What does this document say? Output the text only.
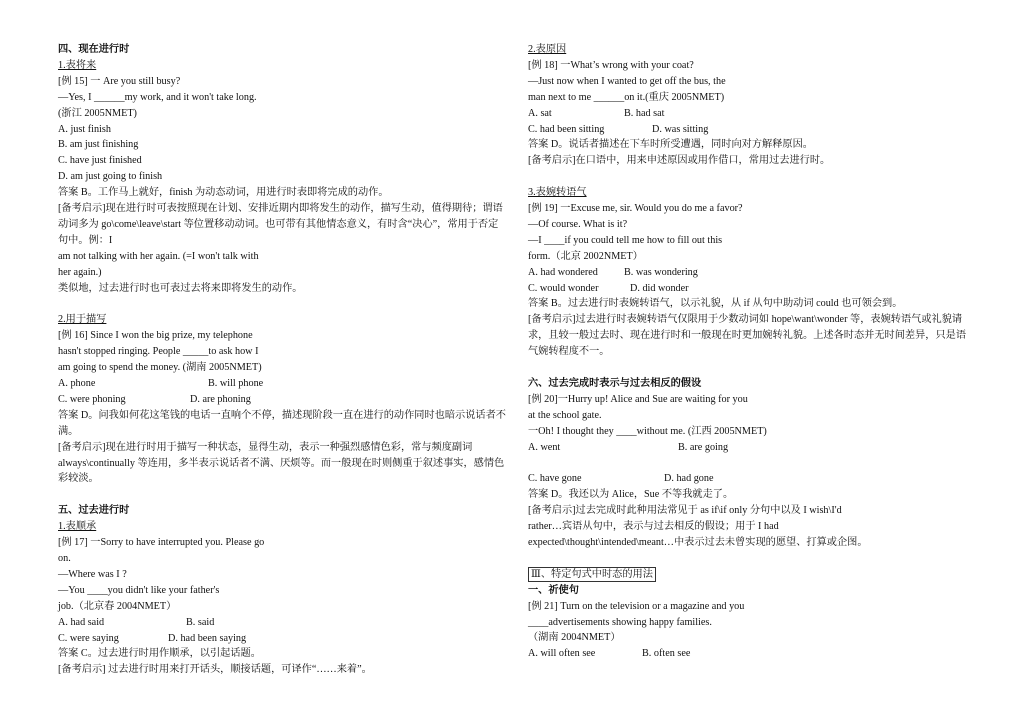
四、现在进行时
1.表将来
[例 15] 一 Are you still busy?
—Yes, I ______my work, and it won't take long.
(浙江 2005NMET)
A. just finish
B. am just finishing
C. have just finished
D. am just going to finish
答案 B。工作马上就好，finish 为动态动词，用进行时表即将完成的动作。
[备考启示]现在进行时可表按照现在计划、安排近期内即将发生的动作，描写生动，值得期待；谓语动词多为 go\come\leave\start 等位置移动动词。也可带有其他情态意义，有时含“决心”，常用于否定句中。例：I
am not talking with her again. (=I won't talk with
her again.)
类似地，过去进行时也可表过去将来即将发生的动作。
2.用于描写
[例 16] Since I won the big prize, my telephone
hasn't stopped ringing. People _____to ask how I
am going to spend the money. (湖南 2005NMET)
A. phone	B. will phone
C. were phoning	D. are phoning
答案 D。问我如何花这笔钱的电话一直响个不停，描述现阶段一直在进行的动作同时也暗示说话者不满。
[备考启示]现在进行时用于描写一种状态，显得生动，表示一种强烈感情色彩，常与频度副词 always\continually 等连用，多半表示说话者不满、厌烦等。而一般现在时则侧重于叙述事实，感情色彩较淡。
五、过去进行时
1.表顺承
[例 17] 一Sorry to have interrupted you. Please go
on.
—Where was I ?
—You ____you didn't like your father's
job.（北京春 2004NMET）
A. had said	B. said
C. were saying	D. had been saying
答案 C。过去进行时用作顺承，以引起话题。
[备考启示] 过去进行时用来打开话头，顺接话题，可译作“……来着”。
2.表原因
[例 18] 一What’s wrong with your coat?
—Just now when I wanted to get off the bus, the
man next to me ______on it.(重庆 2005NMET)
A. sat	B. had sat
C. had been sitting	D. was sitting
答案 D。说话者描述在下车时所受遭遇，同时向对方解释原因。
[备考启示]在口语中，用来申述原因或用作借口，常用过去进行时。
3.表婉转语气
[例 19] 一Excuse me, sir. Would you do me a favor?
—Of course. What is it?
—I ____if you could tell me how to fill out this
form.（北京 2002NMET）
A. had wondered	B. was wondering
C. would wonder	D. did wonder
答案 B。过去进行时表婉转语气，以示礼貌，从 if 从句中助动词 could 也可领会到。
[备考启示]过去进行时表婉转语气仅限用于少数动词如 hope\want\wonder 等，表婉转语气或礼貌请求，且较一般过去时、现在进行时和一般现在时更加婉转礼貌。上述各时态并无时间差异，只是语气婉转程度不一。
六、过去完成时表示与过去相反的假设
[例 20]一Hurry up! Alice and Sue are waiting for you
at the school gate.
一Oh! I thought they ____without me. (江西 2005NMET)
A. went	B. are going
C. have gone	D. had gone
答案 D。我还以为 Alice，Sue 不等我就走了。
[备考启示]过去完成时此种用法常见于 as if\if only 分句中以及 I wish\I'd
rather…宾语从句中，表示与过去相反的假设；用于 I had
expected\thought\intended\meant…中表示过去未曾实现的愿望、打算或企图。
Ⅲ、特定句式中时态的用法
一、祈使句
[例 21] Turn on the television or a magazine and you
____advertisements showing happy families.
（湖南 2004NMET）
A. will often see	B. often see
